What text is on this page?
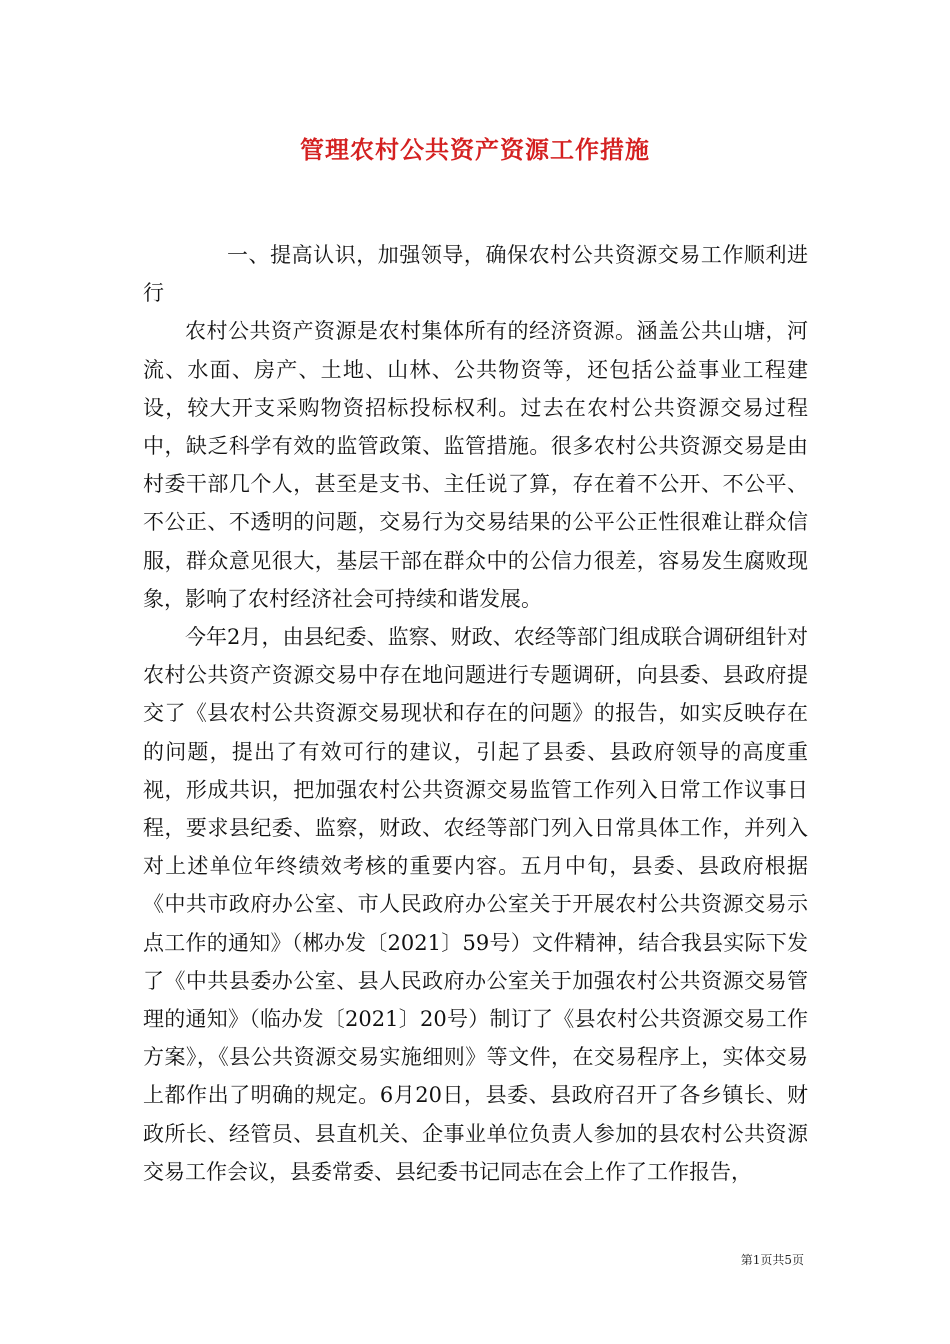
管理农村公共资产资源工作措施

一、提高认识，加强领导，确保农村公共资源交易工作顺利进行

农村公共资产资源是农村集体所有的经济资源。涵盖公共山塘，河流、水面、房产、土地、山林、公共物资等，还包括公益事业工程建设，较大开支采购物资招标投标权利。过去在农村公共资源交易过程中，缺乏科学有效的监管政策、监管措施。很多农村公共资源交易是由村委干部几个人，甚至是支书、主任说了算，存在着不公开、不公平、不公正、不透明的问题，交易行为交易结果的公平公正性很难让群众信服，群众意见很大，基层干部在群众中的公信力很差，容易发生腐败现象，影响了农村经济社会可持续和谐发展。

今年2月，由县纪委、监察、财政、农经等部门组成联合调研组针对农村公共资产资源交易中存在地问题进行专题调研，向县委、县政府提交了《县农村公共资源交易现状和存在的问题》的报告，如实反映存在的问题，提出了有效可行的建议，引起了县委、县政府领导的高度重视，形成共识，把加强农村公共资源交易监管工作列入日常工作议事日程，要求县纪委、监察，财政、农经等部门列入日常具体工作，并列入对上述单位年终绩效考核的重要内容。五月中旬，县委、县政府根据《中共市政府办公室、市人民政府办公室关于开展农村公共资源交易示点工作的通知》（郴办发〔2021〕59号）文件精神，结合我县实际下发了《中共县委办公室、县人民政府办公室关于加强农村公共资源交易管理的通知》（临办发〔2021〕20号）制订了《县农村公共资源交易工作方案》，《县公共资源交易实施细则》等文件，在交易程序上，实体交易上都作出了明确的规定。6月20日，县委、县政府召开了各乡镇长、财政所长、经管员、县直机关、企事业单位负责人参加的县农村公共资源交易工作会议，县委常委、县纪委书记同志在会上作了工作报告，

第1页共5页
